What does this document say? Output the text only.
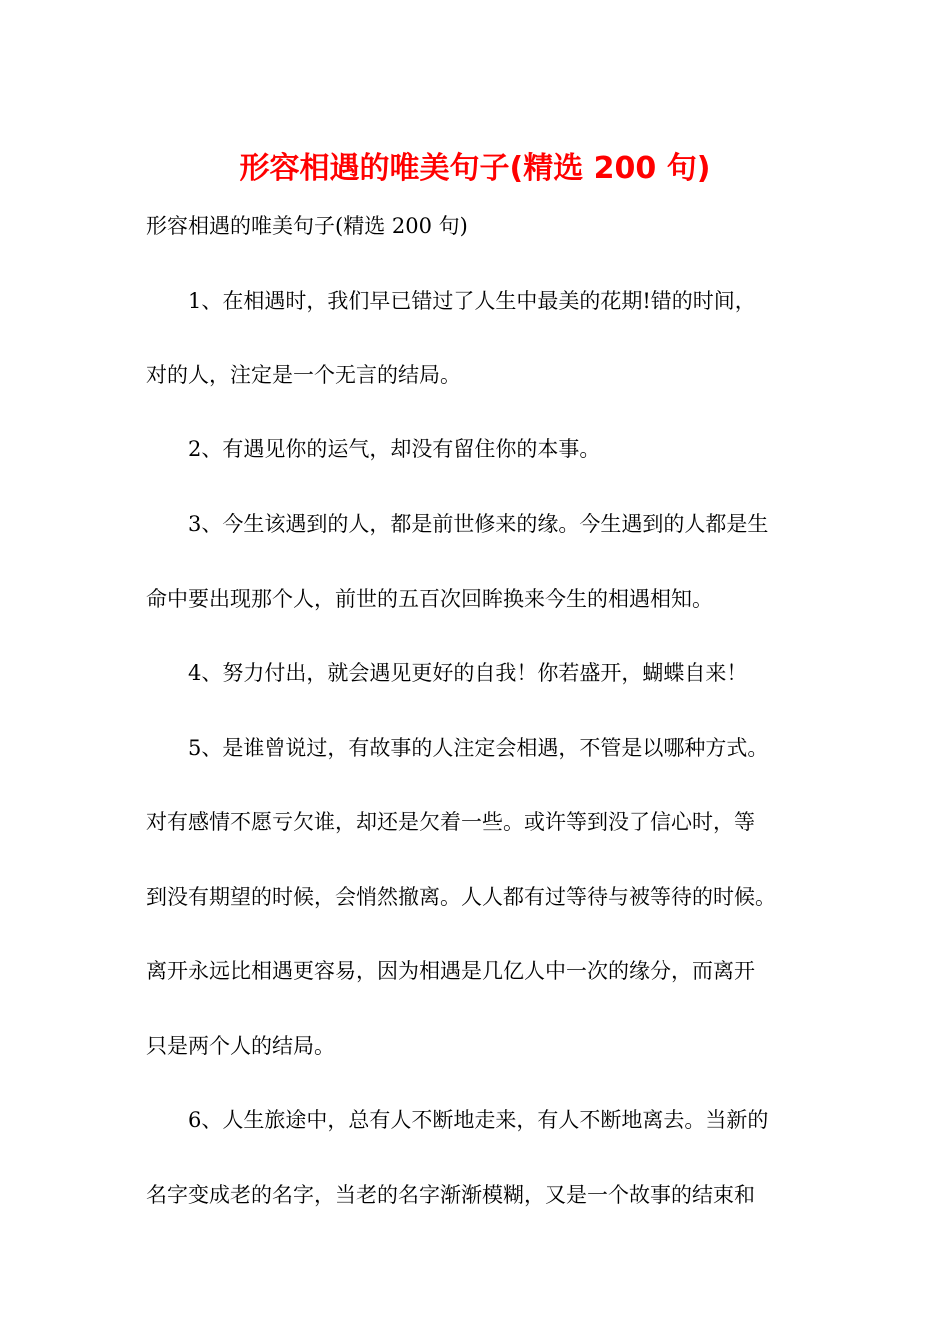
形容相遇的唯美句子(精选 200 句)
形容相遇的唯美句子(精选 200 句)
1、在相遇时，我们早已错过了人生中最美的花期!错的时间，
对的人，注定是一个无言的结局。
2、有遇见你的运气，却没有留住你的本事。
3、今生该遇到的人，都是前世修来的缘。今生遇到的人都是生
命中要出现那个人，前世的五百次回眸换来今生的相遇相知。
4、努力付出，就会遇见更好的自我！你若盛开，蝴蝶自来！
5、是谁曾说过，有故事的人注定会相遇，不管是以哪种方式。
对有感情不愿亏欠谁，却还是欠着一些。或许等到没了信心时，等
到没有期望的时候，会悄然撤离。人人都有过等待与被等待的时候。
离开永远比相遇更容易，因为相遇是几亿人中一次的缘分，而离开
只是两个人的结局。
6、人生旅途中，总有人不断地走来，有人不断地离去。当新的
名字变成老的名字，当老的名字渐渐模糊，又是一个故事的结束和
